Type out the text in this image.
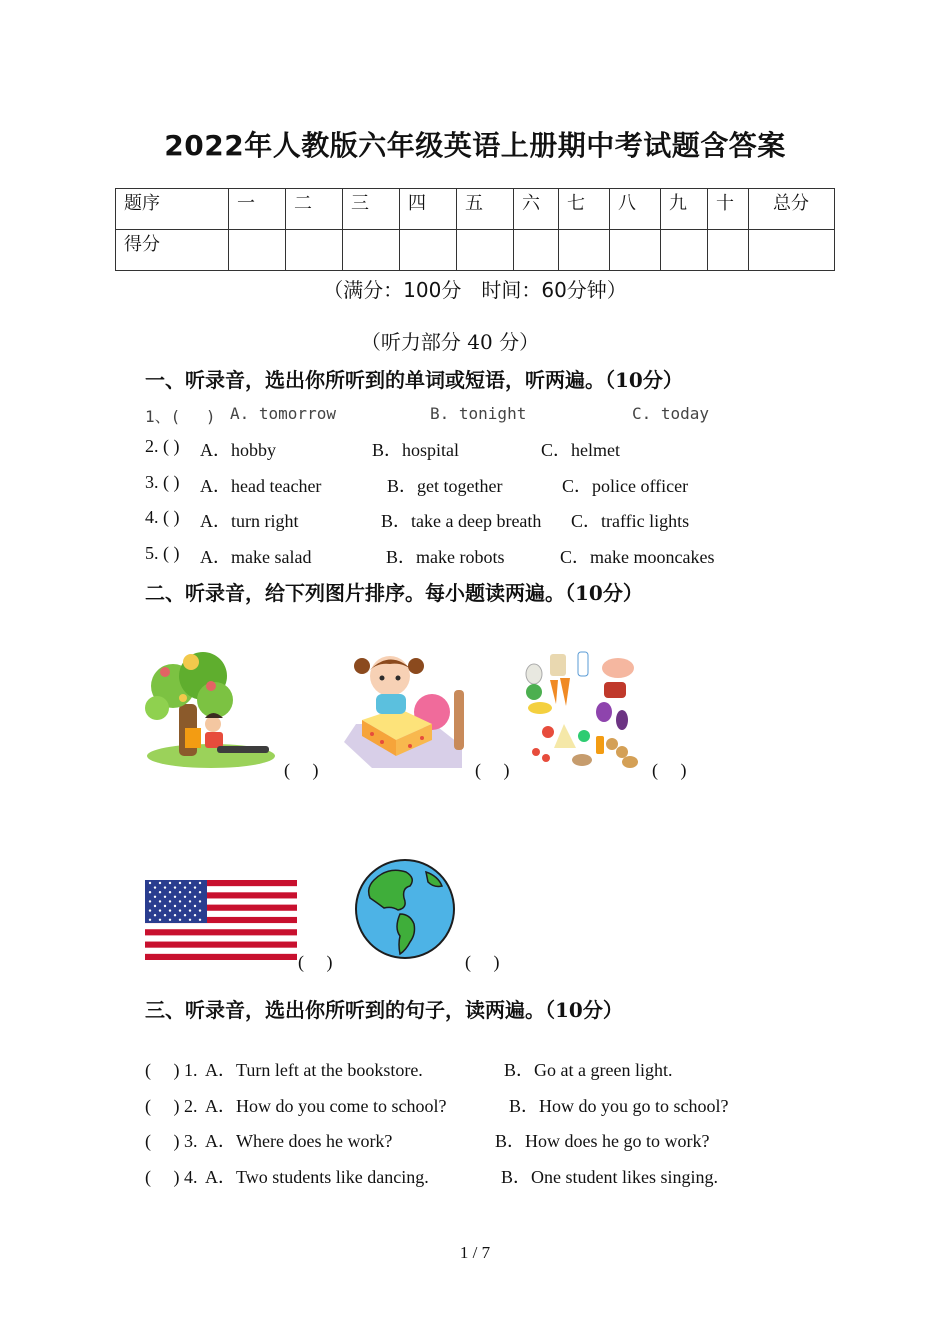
2022年人教版六年级英语上册期中考试题含答案
题序	一	二	三	四	五	六	七	八	九	十	总分
得分											
（满分：100分　时间：60分钟）
（听力部分 40 分）
一、听录音，选出你所听到的单词或短语，听两遍。（10分）
1、(　 ) A. tomorrow	B. tonight	C. today
2. ( ) A．hobby	B．hospital	C．helmet
3. ( ) A．head teacher	B．get together	C．police officer
4. ( ) A．turn right	B．take a deep breath C．traffic lights
5. ( ) A．make salad	B．make robots	C．make mooncakes
二、听录音，给下列图片排序。每小题读两遍。（10分）
(　 )	(　 )	(　 )
(　 )	(　 )
三、听录音，选出你所听到的句子，读两遍。（10分）
(　 ) 1. A．Turn left at the bookstore.	B．Go at a green light.
(　 ) 2. A．How do you come to school?	B．How do you go to school?
(　 ) 3. A．Where does he work?	B．How does he go to work?
(　 ) 4. A．Two students like dancing.	B．One student likes singing.
1 / 7
